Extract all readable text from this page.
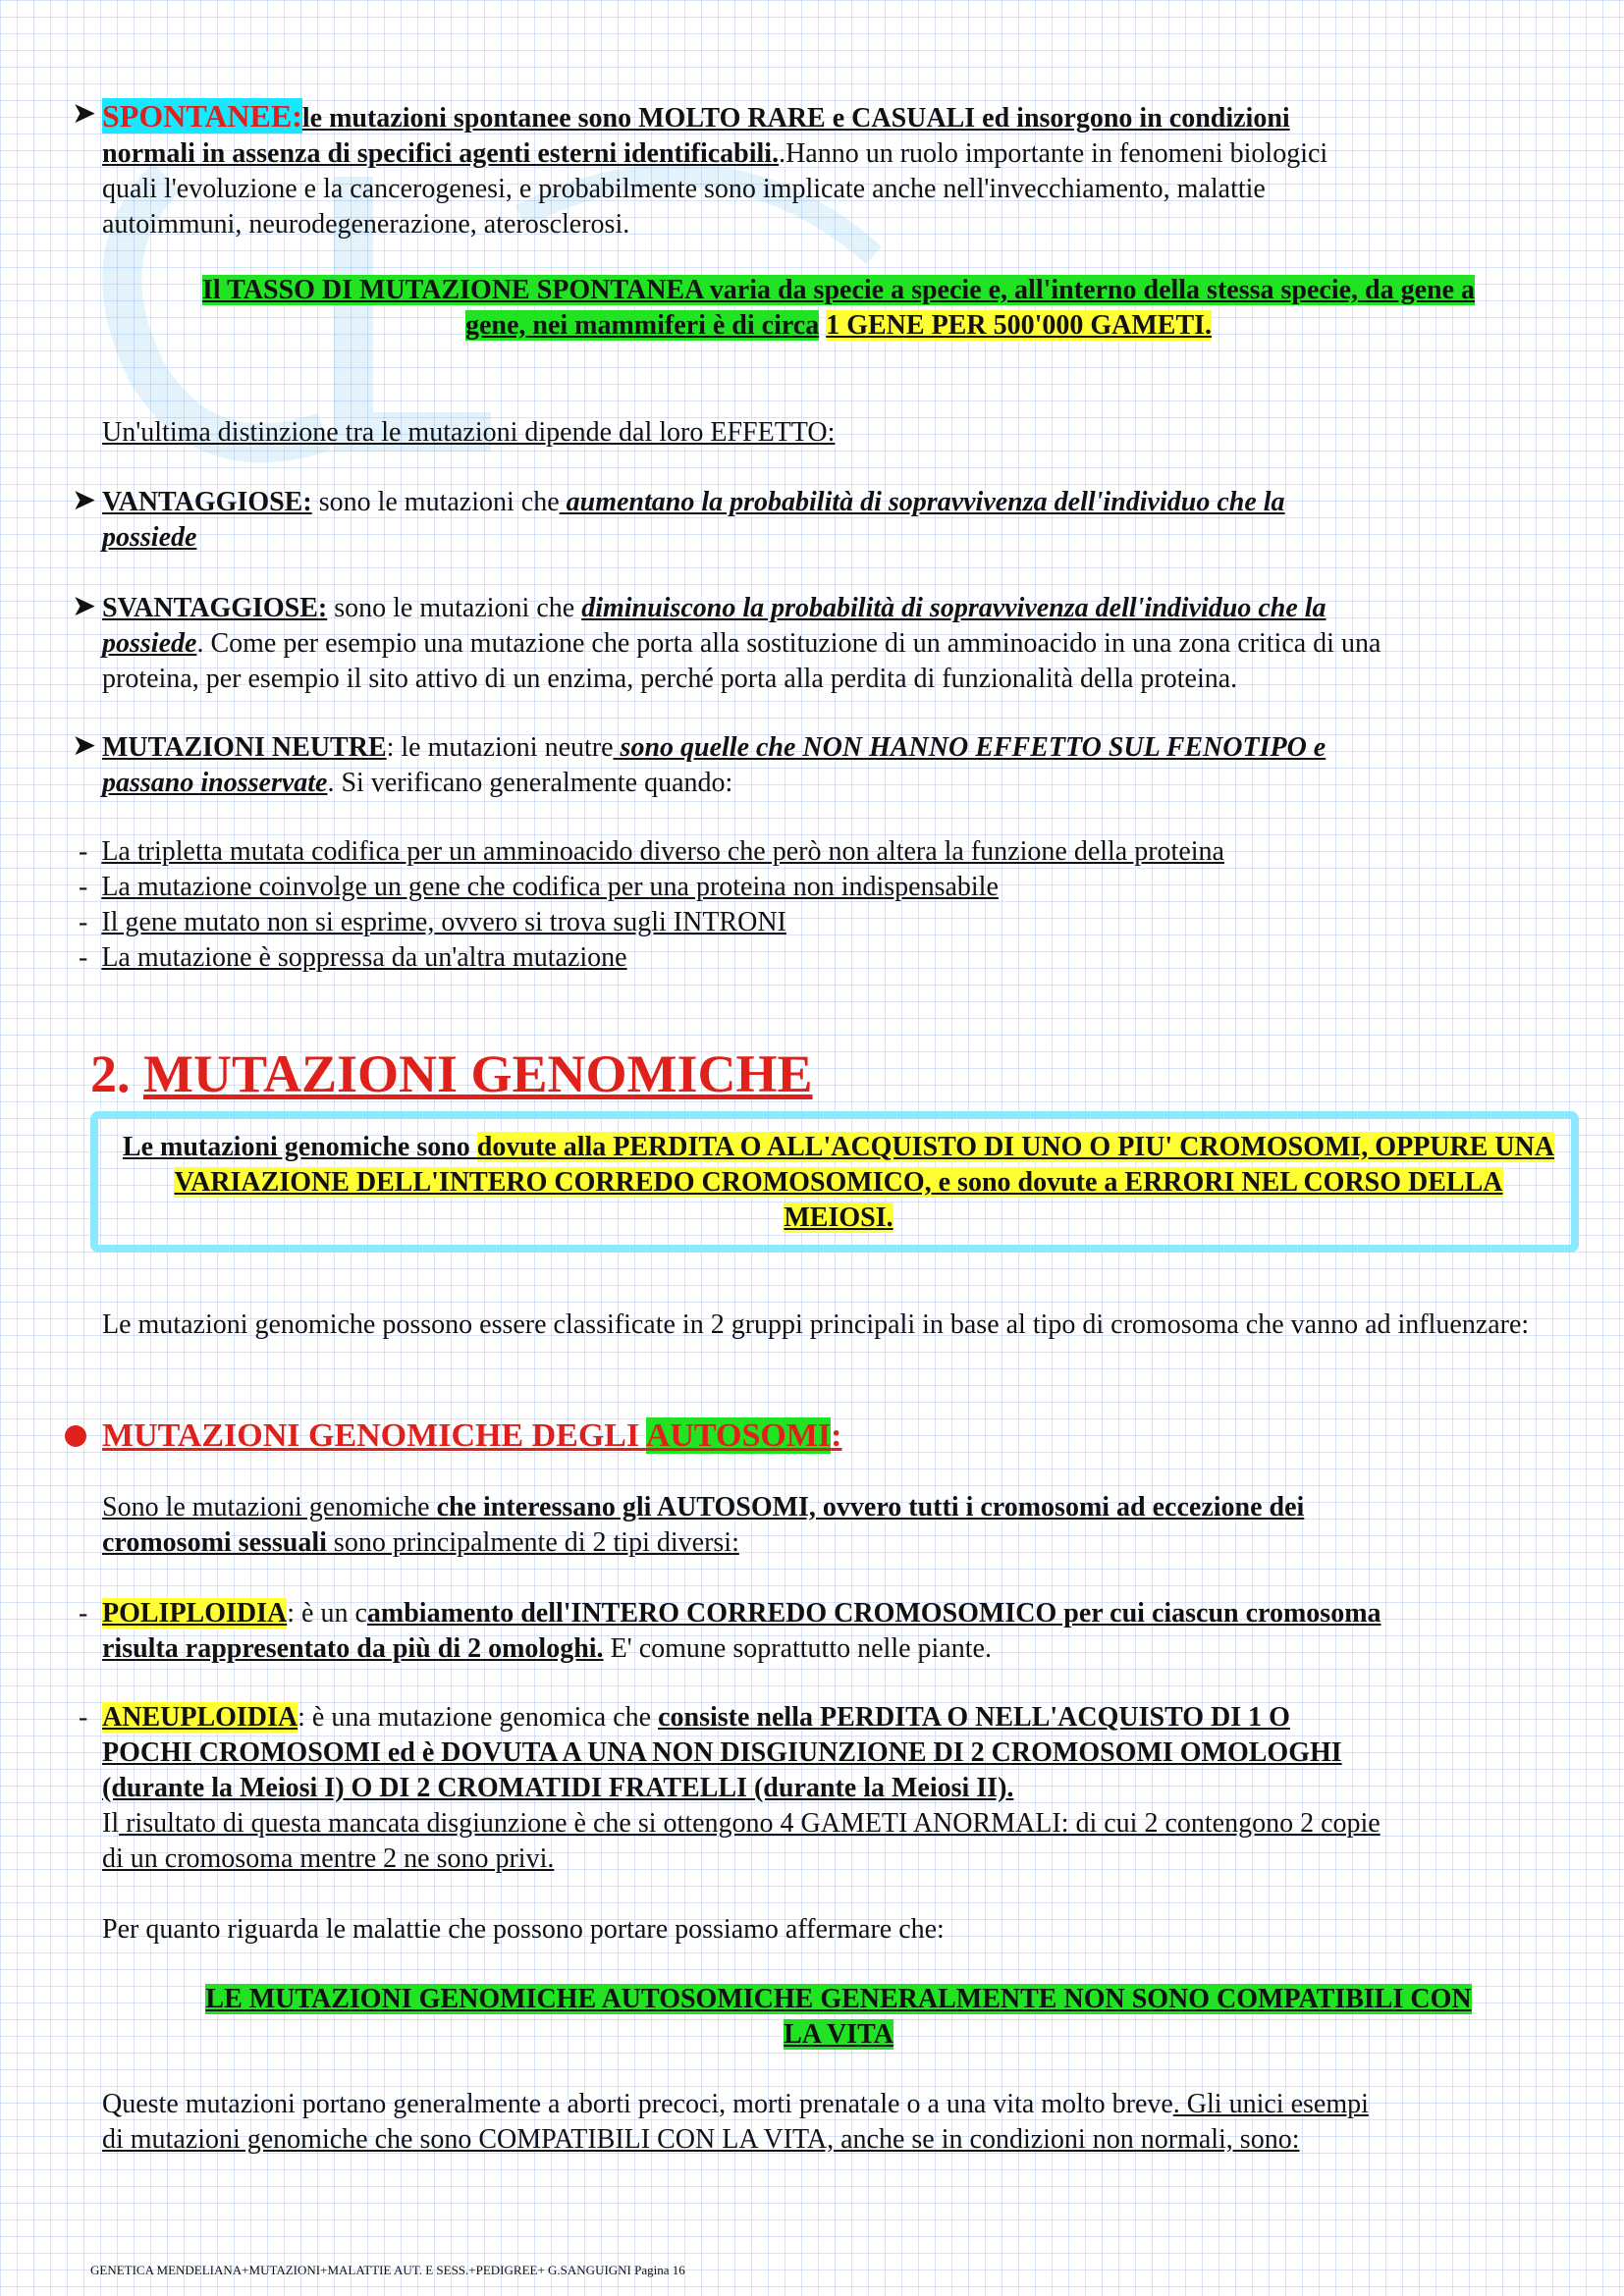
➤ SPONTANEE:le mutazioni spontanee sono MOLTO RARE e CASUALI ed insorgono in condizioni
normali in assenza di specifici agenti esterni identificabili..Hanno un ruolo importante in fenomeni biologici
quali l'evoluzione e la cancerogenesi, e probabilmente sono implicate anche nell'invecchiamento, malattie
autoimmuni, neurodegenerazione, aterosclerosi.
Il TASSO DI MUTAZIONE SPONTANEA varia da specie a specie e, all'interno della stessa specie, da gene a
gene, nei mammiferi è di circa 1 GENE PER 500'000 GAMETI.
Un'ultima distinzione tra le mutazioni dipende dal loro EFFETTO:
➤ VANTAGGIOSE: sono le mutazioni che aumentano la probabilità di sopravvivenza dell'individuo che la
possiede
➤ SVANTAGGIOSE: sono le mutazioni che diminuiscono la probabilità di sopravvivenza dell'individuo che la
possiede. Come per esempio una mutazione che porta alla sostituzione di un amminoacido in una zona critica di una
proteina, per esempio il sito attivo di un enzima, perché porta alla perdita di funzionalità della proteina.
➤ MUTAZIONI NEUTRE: le mutazioni neutre sono quelle che NON HANNO EFFETTO SUL FENOTIPO e
passano inosservate. Si verificano generalmente quando:
-  La tripletta mutata codifica per un amminoacido diverso che però non altera la funzione della proteina
-  La mutazione coinvolge un gene che codifica per una proteina non indispensabile
-  Il gene mutato non si esprime, ovvero si trova sugli INTRONI
-  La mutazione è soppressa da un'altra mutazione
2. MUTAZIONI GENOMICHE
Le mutazioni genomiche sono dovute alla PERDITA O ALL'ACQUISTO DI UNO O PIU' CROMOSOMI, OPPURE UNA VARIAZIONE DELL'INTERO CORREDO CROMOSOMICO, e sono dovute a ERRORI NEL CORSO DELLA MEIOSI.
Le mutazioni genomiche possono essere classificate in 2 gruppi principali in base al tipo di cromosoma che vanno ad influenzare:
MUTAZIONI GENOMICHE DEGLI AUTOSOMI:
Sono le mutazioni genomiche che interessano gli AUTOSOMI, ovvero tutti i cromosomi ad eccezione dei
cromosomi sessuali sono principalmente di 2 tipi diversi:
- POLIPLOIDIA: è un cambiamento dell'INTERO CORREDO CROMOSOMICO per cui ciascun cromosoma
risulta rappresentato da più di 2 omologhi. E' comune soprattutto nelle piante.
- ANEUPLOIDIA: è una mutazione genomica che consiste nella PERDITA O NELL'ACQUISTO DI 1 O
POCHI CROMOSOMI ed è DOVUTA A UNA NON DISGIUNZIONE DI 2 CROMOSOMI OMOLOGHI
(durante la Meiosi I) O DI 2 CROMATIDI FRATELLI (durante la Meiosi II).
Il risultato di questa mancata disgiunzione è che si ottengono 4 GAMETI ANORMALI: di cui 2 contengono 2 copie
di un cromosoma mentre 2 ne sono privi.
Per quanto riguarda le malattie che possono portare possiamo affermare che:
LE MUTAZIONI GENOMICHE AUTOSOMICHE GENERALMENTE NON SONO COMPATIBILI CON
LA VITA
Queste mutazioni portano generalmente a aborti precoci, morti prenatale o a una vita molto breve. Gli unici esempi
di mutazioni genomiche che sono COMPATIBILI CON LA VITA, anche se in condizioni non normali, sono:
GENETICA MENDELIANA+MUTAZIONI+MALATTIE AUT. E SESS.+PEDIGREE+ G.SANGUIGNI Pagina 16
